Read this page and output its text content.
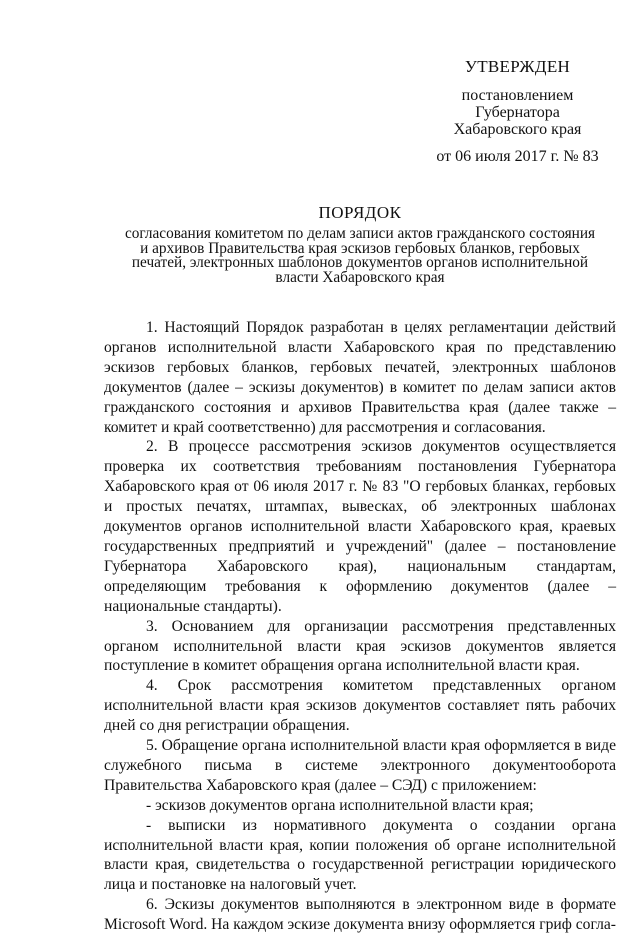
УТВЕРЖДЕН
постановлением
Губернатора
Хабаровского края
от 06 июля 2017 г. № 83
ПОРЯДОК
согласования комитетом по делам записи актов гражданского состояния и архивов Правительства края эскизов гербовых бланков, гербовых печатей, электронных шаблонов документов органов исполнительной власти Хабаровского края

1. Настоящий Порядок разработан в целях регламентации действий органов исполнительной власти Хабаровского края по представлению эскизов гербовых бланков, гербовых печатей, электронных шаблонов документов (далее – эскизы документов) в комитет по делам записи актов гражданского состояния и архивов Правительства края (далее также – комитет и край соответственно) для рассмотрения и согласования.

2. В процессе рассмотрения эскизов документов осуществляется проверка их соответствия требованиям постановления Губернатора Хабаровского края от 06 июля 2017 г. № 83 "О гербовых бланках, гербовых и простых печатях, штампах, вывесках, об электронных шаблонах документов органов исполнительной власти Хабаровского края, краевых государственных предприятий и учреждений" (далее – постановление Губернатора Хабаровского края), национальным стандартам, определяющим требования к оформлению документов (далее – национальные стандарты).

3. Основанием для организации рассмотрения представленных органом исполнительной власти края эскизов документов является поступление в комитет обращения органа исполнительной власти края.

4. Срок рассмотрения комитетом представленных органом исполнительной власти края эскизов документов составляет пять рабочих дней со дня регистрации обращения.

5. Обращение органа исполнительной власти края оформляется в виде служебного письма в системе электронного документооборота Правительства Хабаровского края (далее – СЭД) с приложением:

- эскизов документов органа исполнительной власти края;

- выписки из нормативного документа о создании органа исполнительной власти края, копии положения об органе исполнительной власти края, свидетельства о государственной регистрации юридического лица и постановке на налоговый учет.

6. Эскизы документов выполняются в электронном виде в формате Microsoft Word. На каждом эскизе документа внизу оформляется гриф согла-
